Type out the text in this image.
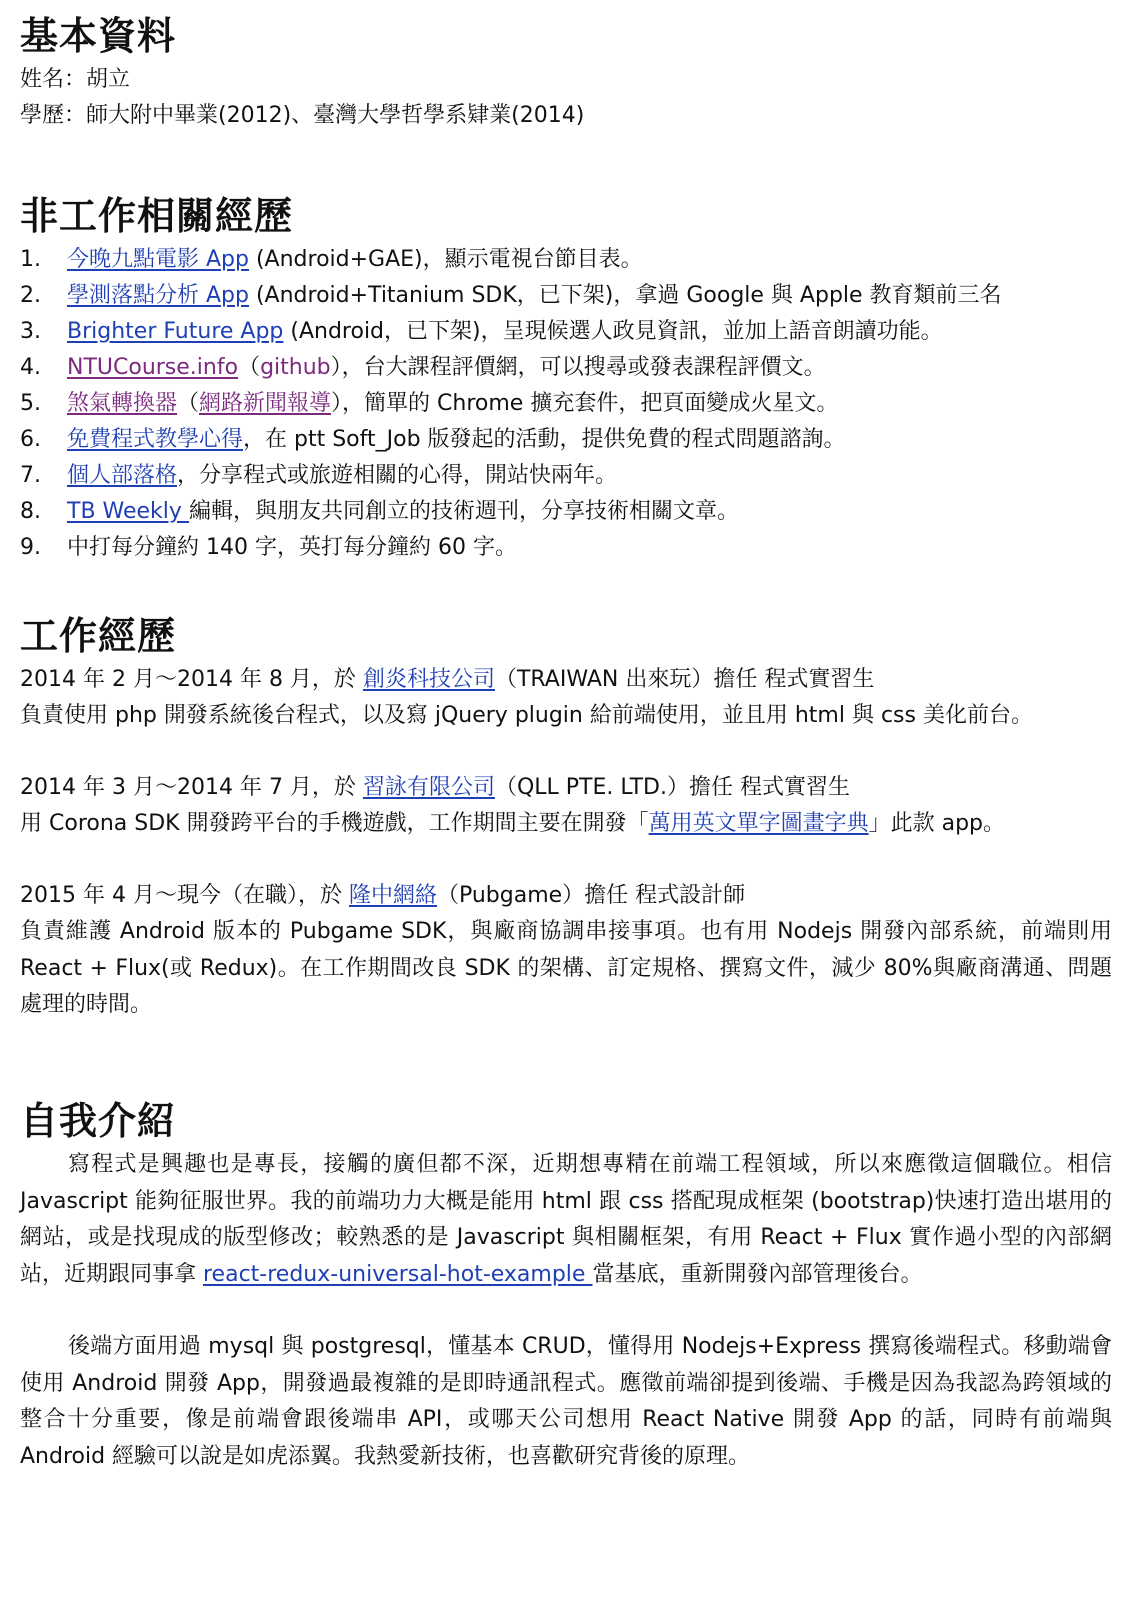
基本資料
姓名：胡立
學歷：師大附中畢業(2012)、臺灣大學哲學系肄業(2014)
非工作相關經歷
1. 今晚九點電影 App (Android+GAE)，顯示電視台節目表。
2. 學測落點分析 App (Android+Titanium SDK，已下架)，拿過 Google 與 Apple 教育類前三名
3. Brighter Future App (Android，已下架)，呈現候選人政見資訊，並加上語音朗讀功能。
4. NTUCourse.info（github），台大課程評價網，可以搜尋或發表課程評價文。
5. 煞氣轉換器（網路新聞報導），簡單的 Chrome 擴充套件，把頁面變成火星文。
6. 免費程式教學心得，在 ptt Soft_Job 版發起的活動，提供免費的程式問題諮詢。
7. 個人部落格，分享程式或旅遊相關的心得，開站快兩年。
8. TB Weekly 編輯，與朋友共同創立的技術週刊，分享技術相關文章。
9. 中打每分鐘約 140 字，英打每分鐘約 60 字。
工作經歷
2014 年 2 月～2014 年 8 月，於 創炎科技公司（TRAIWAN 出來玩）擔任 程式實習生
負責使用 php 開發系統後台程式，以及寫 jQuery plugin 給前端使用，並且用 html 與 css 美化前台。
2014 年 3 月～2014 年 7 月，於 習詠有限公司（QLL PTE. LTD.）擔任 程式實習生
用 Corona SDK 開發跨平台的手機遊戲，工作期間主要在開發「萬用英文單字圖畫字典」此款 app。
2015 年 4 月～現今（在職），於 隆中網絡（Pubgame）擔任 程式設計師
負責維護 Android 版本的 Pubgame SDK，與廠商協調串接事項。也有用 Nodejs 開發內部系統，前端則用 React + Flux(或 Redux)。在工作期間改良 SDK 的架構、訂定規格、撰寫文件，減少 80%與廠商溝通、問題處理的時間。
自我介紹
寫程式是興趣也是專長，接觸的廣但都不深，近期想專精在前端工程領域，所以來應徵這個職位。相信 Javascript 能夠征服世界。我的前端功力大概是能用 html 跟 css 搭配現成框架 (bootstrap)快速打造出堪用的網站，或是找現成的版型修改；較熟悉的是 Javascript 與相關框架，有用 React + Flux 實作過小型的內部網站，近期跟同事拿 react-redux-universal-hot-example 當基底，重新開發內部管理後台。
後端方面用過 mysql 與 postgresql，懂基本 CRUD，懂得用 Nodejs+Express 撰寫後端程式。移動端會使用 Android 開發 App，開發過最複雜的是即時通訊程式。應徵前端卻提到後端、手機是因為我認為跨領域的整合十分重要，像是前端會跟後端串 API，或哪天公司想用 React Native 開發 App 的話，同時有前端與 Android 經驗可以說是如虎添翼。我熱愛新技術，也喜歡研究背後的原理。
